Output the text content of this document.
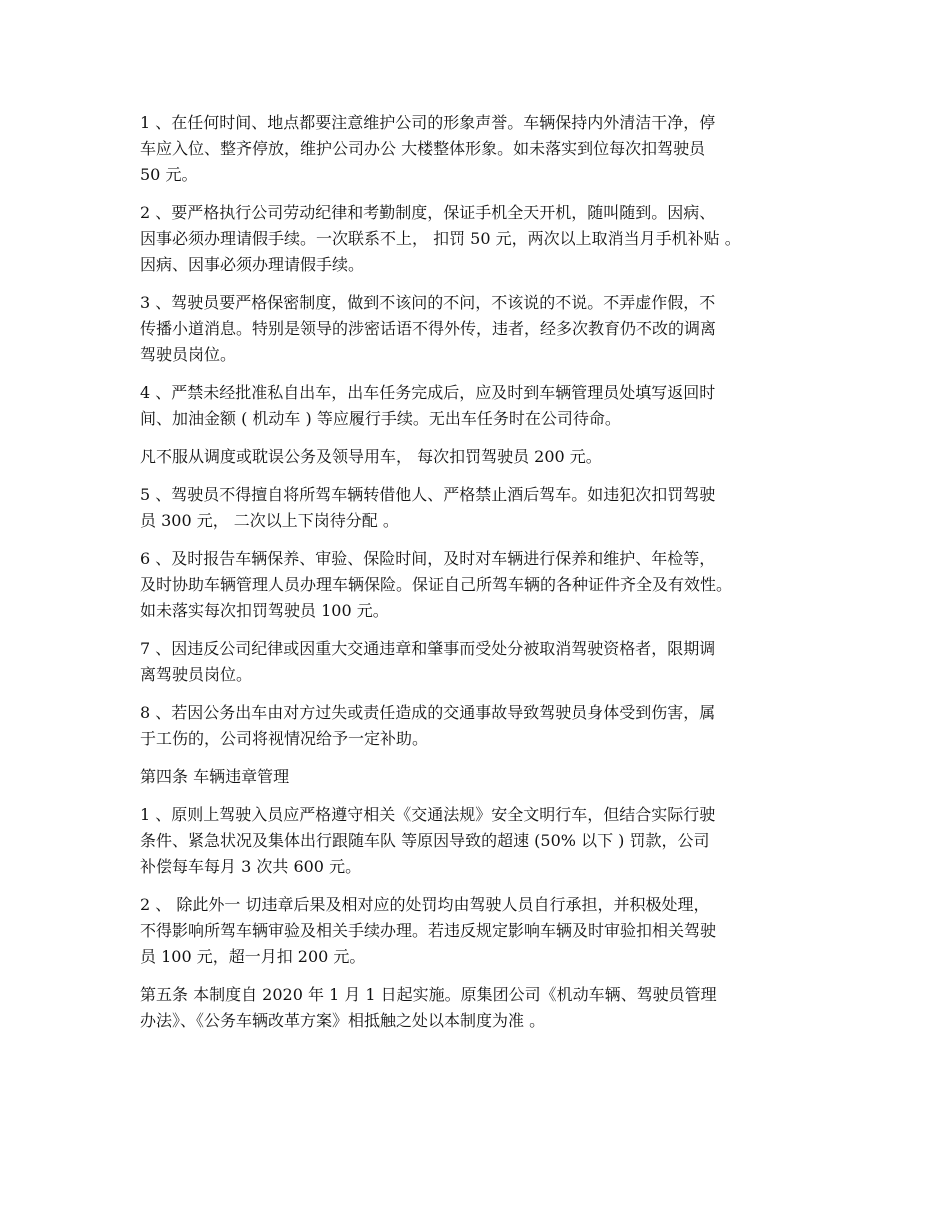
1 、在任何时间、地点都要注意维护公司的形象声誉。车辆保持内外清洁干净，停
车应入位、整齐停放，维护公司办公 大楼整体形象。如未落实到位每次扣驾驶员
50 元。

2 、要严格执行公司劳动纪律和考勤制度，保证手机全天开机，随叫随到。因病、
因事必须办理请假手续。一次联系不上， 扣罚 50 元，两次以上取消当月手机补贴 。
因病、因事必须办理请假手续。

3 、驾驶员要严格保密制度，做到不该问的不问，不该说的不说。不弄虚作假，不
传播小道消息。特别是领导的涉密话语不得外传，违者，经多次教育仍不改的调离
驾驶员岗位。

4 、严禁未经批准私自出车，出车任务完成后，应及时到车辆管理员处填写返回时
间、加油金额 ( 机动车 ) 等应履行手续。无出车任务时在公司待命。

凡不服从调度或耽误公务及领导用车， 每次扣罚驾驶员 200 元。

5 、驾驶员不得擅自将所驾车辆转借他人、严格禁止酒后驾车。如违犯次扣罚驾驶
员 300 元， 二次以上下岗待分配 。

6 、及时报告车辆保养、审验、保险时间，及时对车辆进行保养和维护、年检等，
及时协助车辆管理人员办理车辆保险。保证自己所驾车辆的各种证件齐全及有效性。
如未落实每次扣罚驾驶员 100 元。

7 、因违反公司纪律或因重大交通违章和肇事而受处分被取消驾驶资格者，限期调
离驾驶员岗位。

8 、若因公务出车由对方过失或责任造成的交通事故导致驾驶员身体受到伤害，属
于工伤的，公司将视情况给予一定补助。

第四条 车辆违章管理

1 、原则上驾驶入员应严格遵守相关《交通法规》安全文明行车，但结合实际行驶
条件、紧急状况及集体出行跟随车队 等原因导致的超速 (50% 以下 ) 罚款，公司
补偿每车每月 3 次共 600 元。

2 、 除此外一 切违章后果及相对应的处罚均由驾驶人员自行承担，并积极处理，
不得影响所驾车辆审验及相关手续办理。若违反规定影响车辆及时审验扣相关驾驶
员 100 元，超一月扣 200 元。

第五条 本制度自 2020 年 1 月 1 日起实施。原集团公司《机动车辆、驾驶员管理
办法》、《公务车辆改革方案》相抵触之处以本制度为准 。
